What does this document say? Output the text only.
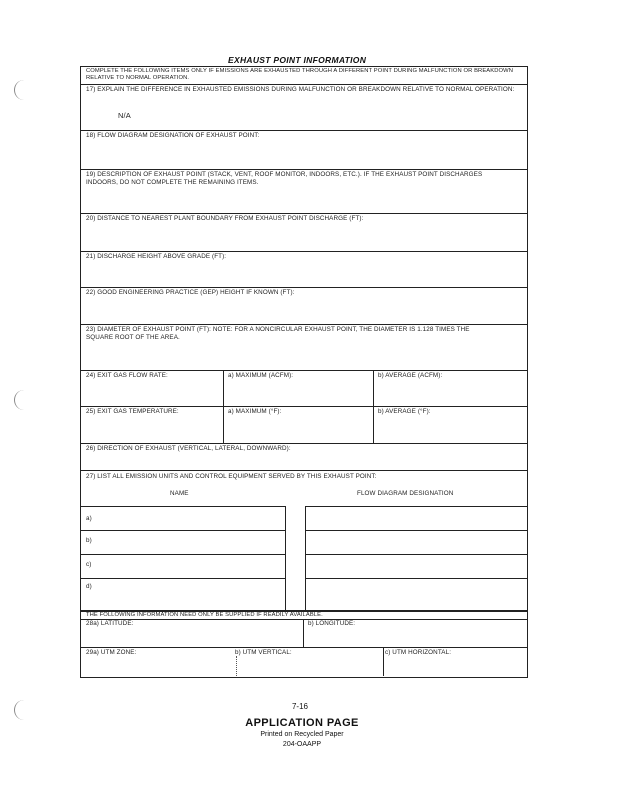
EXHAUST POINT INFORMATION
COMPLETE THE FOLLOWING ITEMS ONLY IF EMISSIONS ARE EXHAUSTED THROUGH A DIFFERENT POINT DURING MALFUNCTION OR BREAKDOWN RELATIVE TO NORMAL OPERATION.
17) EXPLAIN THE DIFFERENCE IN EXHAUSTED EMISSIONS DURING MALFUNCTION OR BREAKDOWN RELATIVE TO NORMAL OPERATION:
N/A
18) FLOW DIAGRAM DESIGNATION OF EXHAUST POINT:
19) DESCRIPTION OF EXHAUST POINT (STACK, VENT, ROOF MONITOR, INDOORS, ETC.). IF THE EXHAUST POINT DISCHARGES INDOORS, DO NOT COMPLETE THE REMAINING ITEMS.
20) DISTANCE TO NEAREST PLANT BOUNDARY FROM EXHAUST POINT DISCHARGE (FT):
21) DISCHARGE HEIGHT ABOVE GRADE (FT):
22) GOOD ENGINEERING PRACTICE (GEP) HEIGHT IF KNOWN (FT):
23) DIAMETER OF EXHAUST POINT (FT): NOTE: FOR A NONCIRCULAR EXHAUST POINT, THE DIAMETER IS 1.128 TIMES THE SQUARE ROOT OF THE AREA.
24) EXIT GAS FLOW RATE:	a) MAXIMUM (ACFM):	b) AVERAGE (ACFM):
25) EXIT GAS TEMPERATURE:	a) MAXIMUM (°F):	b) AVERAGE (°F):
26) DIRECTION OF EXHAUST (VERTICAL, LATERAL, DOWNWARD):
27) LIST ALL EMISSION UNITS AND CONTROL EQUIPMENT SERVED BY THIS EXHAUST POINT:
NAME	FLOW DIAGRAM DESIGNATION
a)
b)
c)
d)
THE FOLLOWING INFORMATION NEED ONLY BE SUPPLIED IF READILY AVAILABLE.
28a) LATITUDE:	b) LONGITUDE:
29a) UTM ZONE:	b) UTM VERTICAL:	c) UTM HORIZONTAL:
7-16
APPLICATION PAGE
Printed on Recycled Paper
204-OAAPP
